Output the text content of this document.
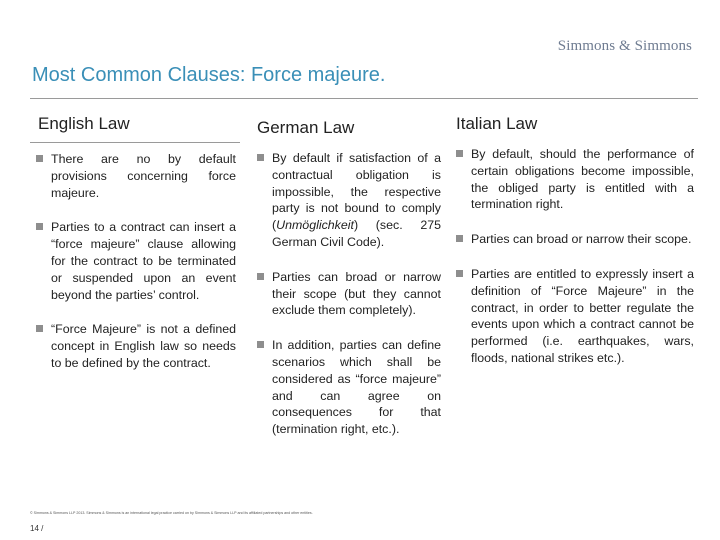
Simmons & Simmons
Most Common Clauses: Force majeure.
English Law
There are no by default provisions concerning force majeure.
Parties to a contract can insert a “force majeure” clause allowing for the contract to be terminated or suspended upon an event beyond the parties’ control.
“Force Majeure” is not a defined concept in English law so needs to be defined by the contract.
German Law
By default if satisfaction of a contractual obligation is impossible, the respective party is not bound to comply (Unmöglichkeit) (sec. 275 German Civil Code).
Parties can broad or narrow their scope (but they cannot exclude them completely).
In addition, parties can define scenarios which shall be considered as “force majeure” and can agree on consequences for that (termination right, etc.).
Italian Law
By default, should the performance of certain obligations become impossible, the obliged party is entitled with a termination right.
Parties can broad or narrow their scope.
Parties are entitled to expressly insert a definition of “Force Majeure” in the contract, in order to better regulate the events upon which a contract cannot be performed (i.e. earthquakes, wars, floods, national strikes etc.).
© Simmons & Simmons LLP 2013. Simmons & Simmons is an international legal practice carried on by Simmons & Simmons LLP and its affiliated partnerships and other entities.
14 /
